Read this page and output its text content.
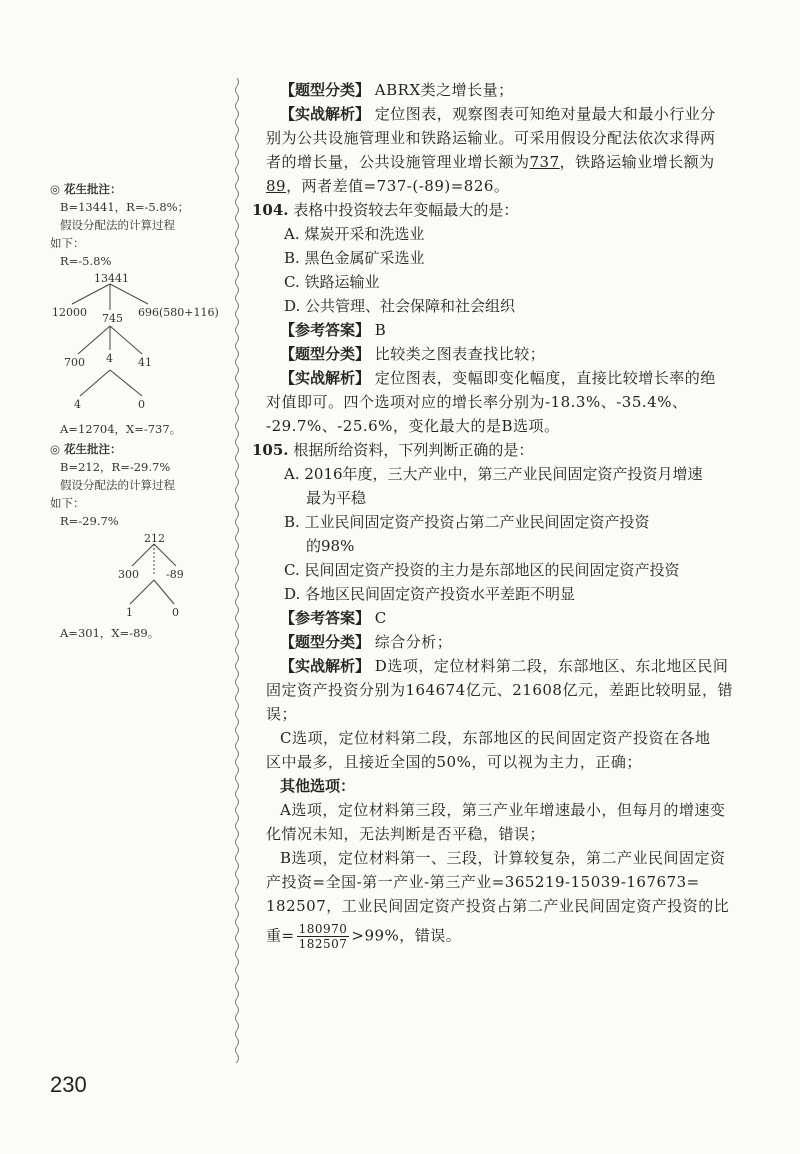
◎ 花生批注：
B=13441，R=-5.8%；
假设分配法的计算过程
如下：
R=-5.8%
13441
12000 745 696(580+116)
700 4 41
4	0
A=12704，X=-737。
◎ 花生批注：
B=212，R=-29.7%
假设分配法的计算过程
如下：
R=-29.7%
212
300 -89
1	0
A=301，X=-89。

【题型分类】 ABRX类之增长量；

【实战解析】 定位图表，观察图表可知绝对量最大和最小行业分

别为公共设施管理业和铁路运输业。可采用假设分配法依次求得两

者的增长量，公共设施管理业增长额为737，铁路运输业增长额为

89，两者差值=737-(-89)=826。

104. 表格中投资较去年变幅最大的是：

A. 煤炭开采和洗选业

B. 黑色金属矿采选业

C. 铁路运输业

D. 公共管理、社会保障和社会组织

【参考答案】 B

【题型分类】 比较类之图表查找比较；

【实战解析】 定位图表，变幅即变化幅度，直接比较增长率的绝

对值即可。四个选项对应的增长率分别为-18.3%、-35.4%、

-29.7%、-25.6%，变化最大的是B选项。

105. 根据所给资料，下列判断正确的是：

A. 2016年度，三大产业中，第三产业民间固定资产投资月增速

最为平稳

B. 工业民间固定资产投资占第二产业民间固定资产投资

的98%

C. 民间固定资产投资的主力是东部地区的民间固定资产投资

D. 各地区民间固定资产投资水平差距不明显

【参考答案】 C

【题型分类】 综合分析；

【实战解析】 D选项，定位材料第二段，东部地区、东北地区民间

固定资产投资分别为164674亿元、21608亿元，差距比较明显，错误；

C选项，定位材料第二段，东部地区的民间固定资产投资在各地

区中最多，且接近全国的50%，可以视为主力，正确；

其他选项：

A选项，定位材料第三段，第三产业年增速最小，但每月的增速变

化情况未知，无法判断是否平稳，错误；

B选项，定位材料第一、三段，计算较复杂，第二产业民间固定资

产投资=全国-第一产业-第三产业=365219-15039-167673=

182507，工业民间固定资产投资占第二产业民间固定资产投资的比

重= $\frac{180970}{182507} >99\%$，错误。

230
